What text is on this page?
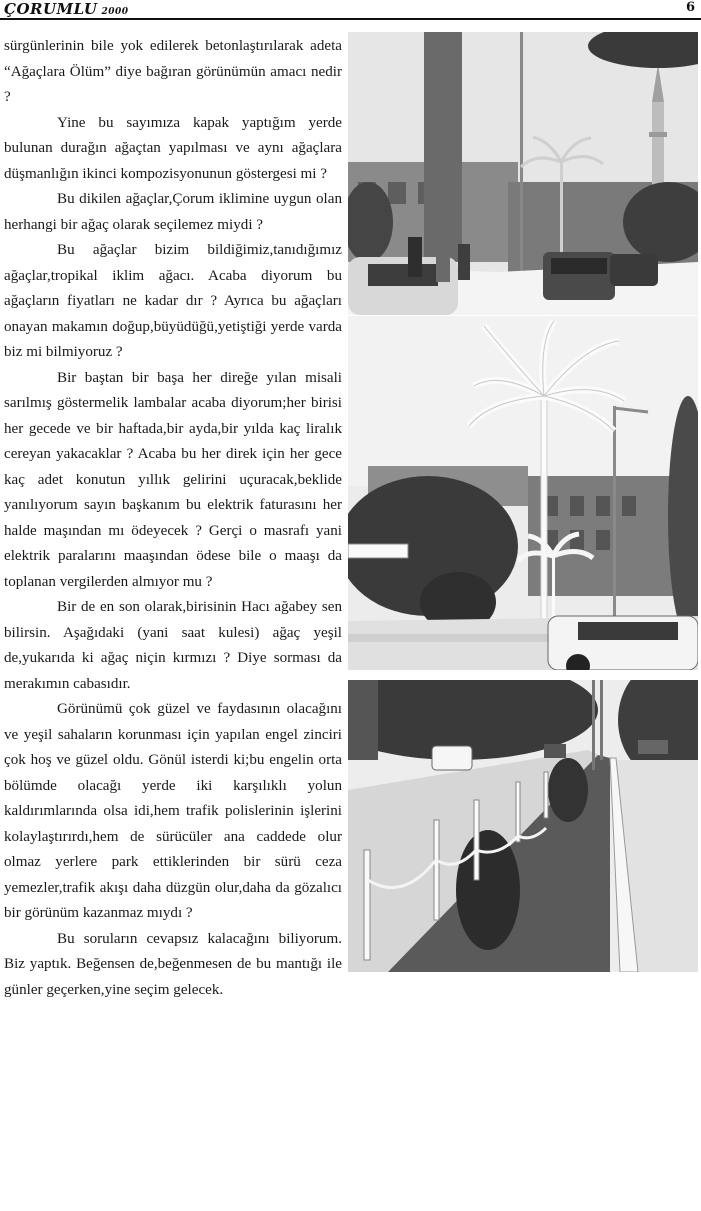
ÇORUMLU 2000	6

sürgünlerinin bile yok edilerek betonlaştırılarak adeta “Ağaçlara Ölüm” diye bağıran görünümün amacı nedir ?

Yine bu sayımıza kapak yaptığım yerde bulunan durağın ağaçtan yapılması ve aynı ağaçlara düşmanlığın ikinci kompozisyonunun göstergesi mi ?

Bu dikilen ağaçlar,Çorum iklimine uygun olan herhangi bir ağaç olarak seçilemez miydi ?

Bu ağaçlar bizim bildiğimiz,tanıdığımız ağaçlar,tropikal iklim ağacı. Acaba diyorum bu ağaçların fiyatları ne kadar dır ? Ayrıca bu ağaçları onayan makamın doğup,büyüdüğü,yetiştiği yerde varda biz mi bilmiyoruz ?

Bir baştan bir başa her direğe yılan misali sarılmış göstermelik lambalar acaba diyorum;her birisi her gecede ve bir haftada,bir ayda,bir yılda kaç liralık cereyan yakacaklar ? Acaba bu her direk için her gece kaç adet konutun yıllık gelirini uçuracak,beklide yanılıyorum sayın başkanım bu elektrik faturasını her halde maşından mı ödeyecek ? Gerçi o masrafı yani elektrik paralarını maaşından ödese bile o maaşı da toplanan vergilerden almıyor mu ?

Bir de en son olarak,birisinin Hacı ağabey sen bilirsin. Aşağıdaki (yani saat kulesi) ağaç yeşil de,yukarıda ki ağaç niçin kırmızı ? Diye sorması da merakımın cabasıdır.

Görünümü çok güzel ve faydasının olacağını ve yeşil sahaların korunması için yapılan engel zinciri çok hoş ve güzel oldu. Gönül isterdi ki;bu engelin orta bölümde olacağı yerde iki karşılıklı yolun kaldırımlarında olsa idi,hem trafik polislerinin işlerini kolaylaştırırdı,hem de sürücüler ana caddede olur olmaz yerlere park ettiklerinden bir sürü ceza yemezler,trafik akışı daha düzgün olur,daha da gözalıcı bir görünüm kazanmaz mıydı ?

Bu soruların cevapsız kalacağını biliyorum. Biz yaptık. Beğensen de,beğenmesen de bu mantığı ile günler geçerken,yine seçim gelecek.
